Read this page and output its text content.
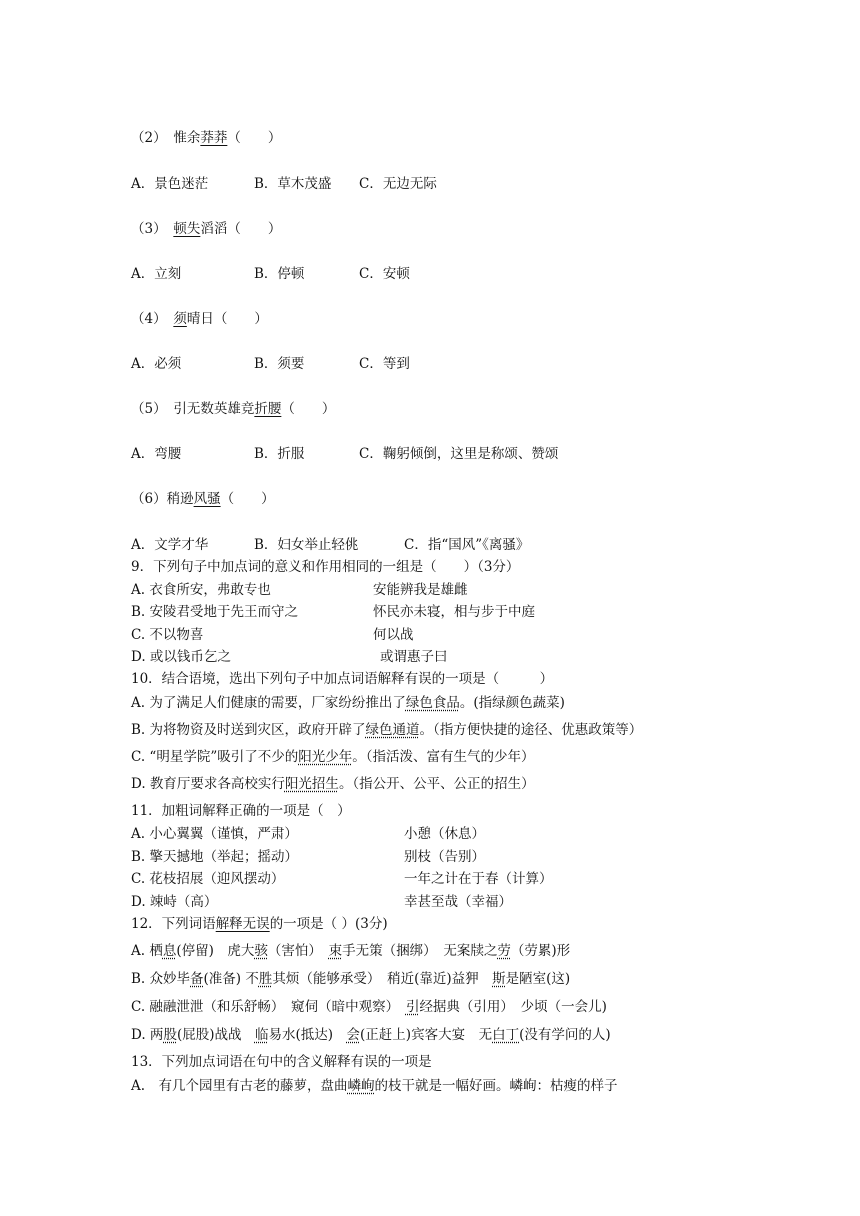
（2）　惟余莽莽（　　）
A．景色迷茫	B．草木茂盛 C．无边无际
（3）　顿失滔滔（　　）
A．立刻	B．停顿	C．安顿
（4）　须晴日（　　）
A．必须	B．须要	C．等到
（5）　引无数英雄竞折腰（　　）
A．弯腰	B．折服	C．鞠躬倾倒，这里是称颂、赞颂
（6）稍逊风骚（　　）
A．文学才华	B．妇女举止轻佻	C．指“国风”《离骚》
9．下列句子中加点词的意义和作用相同的一组是（　　）（3分）
A. 衣食所安，弗敢专也	安能辨我是雄雌
B. 安陵君受地于先王而守之	怀民亦未寝，相与步于中庭
C. 不以物喜	何以战
D. 或以钱币乞之	或谓惠子曰
10．结合语境，选出下列句子中加点词语解释有误的一项是（　　　）
A. 为了满足人们健康的需要，厂家纷纷推出了绿色食品。(指绿颜色蔬菜)
B. 为将物资及时送到灾区，政府开辟了绿色通道。（指方便快捷的途径、优惠政策等）
C. “明星学院”吸引了不少的阳光少年。（指活泼、富有生气的少年）
D. 教育厅要求各高校实行阳光招生。（指公开、公平、公正的招生）
11．加粗词解释正确的一项是（　）
A. 小心翼翼（谨慎，严肃）	小憩（休息）
B. 擎天撼地（举起；摇动）	别枝（告别）
C. 花枝招展（迎风摆动）	一年之计在于春（计算）
D. 竦峙（高）	幸甚至哉（幸福）
12．下列词语解释无误的一项是（ ）(3分)
A. 栖息(停留)　虎大骇（害怕）　束手无策（捆绑）　无案牍之劳（劳累)形
B. 众妙毕备(准备) 不胜其烦（能够承受）　稍近(靠近)益狎　斯是陋室(这)
C. 融融泄泄（和乐舒畅）　窥伺（暗中观察）　引经据典（引用）　少顷（一会儿)
D. 两股(屁股)战战　临易水(抵达)　会(正赶上)宾客大宴　无白丁(没有学问的人)
13．下列加点词语在句中的含义解释有误的一项是
A.　有几个园里有古老的藤萝，盘曲嶙峋的枝干就是一幅好画。嶙峋：枯瘦的样子
